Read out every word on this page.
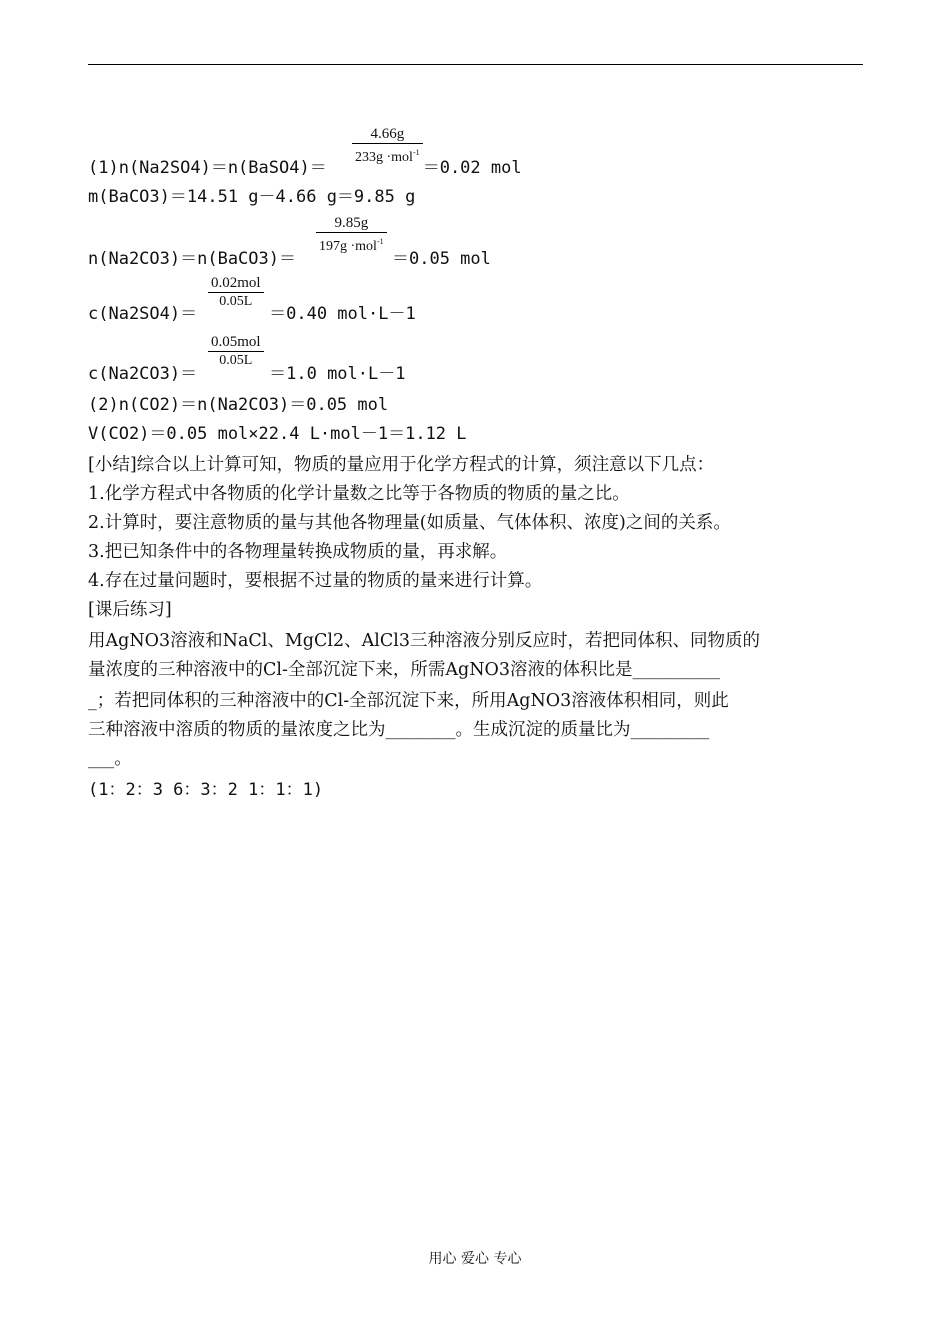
4.66g
233g ·mol$^{-1}$
(1)n(Na2SO4)＝n(BaSO4)＝	＝0.02 mol
m(BaCO3)＝14.51 g－4.66 g＝9.85 g
9.85g
197g ·mol$^{-1}$
n(Na2CO3)＝n(BaCO3)＝	＝0.05 mol
0.02mol
0.05L
c(Na2SO4)＝	＝0.40 mol·L－1
0.05mol
0.05L
c(Na2CO3)＝	＝1.0 mol·L－1
(2)n(CO2)＝n(Na2CO3)＝0.05 mol
V(CO2)＝0.05 mol×22.4 L·mol－1＝1.12 L
[小结]综合以上计算可知，物质的量应用于化学方程式的计算，须注意以下几点：
1.化学方程式中各物质的化学计量数之比等于各物质的物质的量之比。
2.计算时，要注意物质的量与其他各物理量(如质量、气体体积、浓度)之间的关系。
3.把已知条件中的各物理量转换成物质的量，再求解。
4.存在过量问题时，要根据不过量的物质的量来进行计算。
[课后练习]
用AgNO3溶液和NaCl、MgCl2、AlCl3三种溶液分别反应时，若把同体积、同物质的
量浓度的三种溶液中的Cl-全部沉淀下来，所需AgNO3溶液的体积比是__________
_；若把同体积的三种溶液中的Cl-全部沉淀下来，所用AgNO3溶液体积相同，则此
三种溶液中溶质的物质的量浓度之比为________。生成沉淀的质量比为_________
___。
(1：2：3 6：3：2 1：1：1)
用心 爱心 专心
